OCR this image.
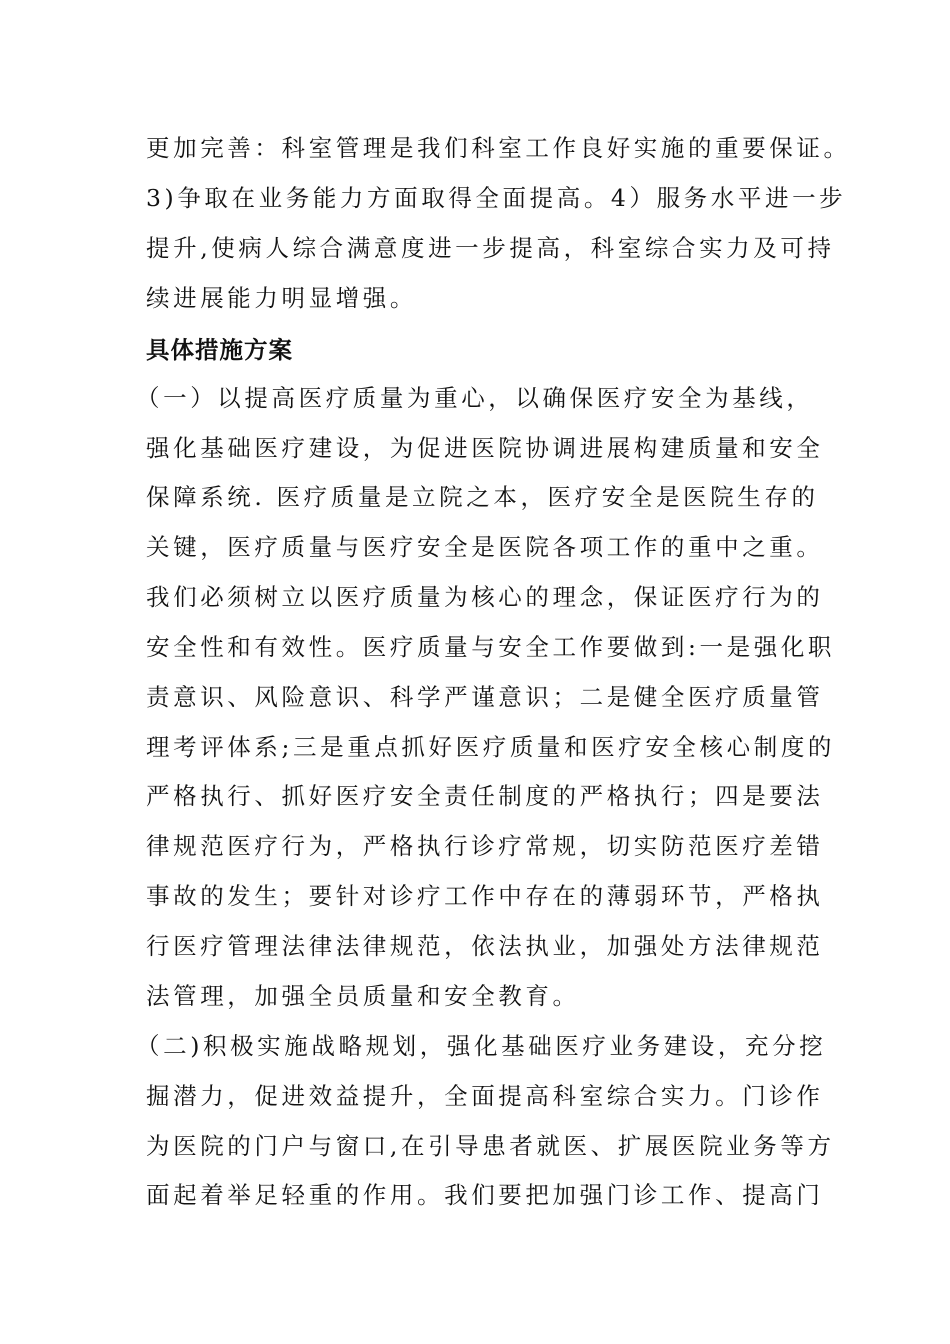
更加完善：科室管理是我们科室工作良好实施的重要保证。
3)争取在业务能力方面取得全面提高。4）服务水平进一步
提升,使病人综合满意度进一步提高，科室综合实力及可持
续进展能力明显增强。
具体措施方案
（一）以提高医疗质量为重心，以确保医疗安全为基线，
强化基础医疗建设，为促进医院协调进展构建质量和安全
保障系统. 医疗质量是立院之本，医疗安全是医院生存的
关键，医疗质量与医疗安全是医院各项工作的重中之重。
我们必须树立以医疗质量为核心的理念，保证医疗行为的
安全性和有效性。医疗质量与安全工作要做到:一是强化职
责意识、风险意识、科学严谨意识；二是健全医疗质量管
理考评体系;三是重点抓好医疗质量和医疗安全核心制度的
严格执行、抓好医疗安全责任制度的严格执行；四是要法
律规范医疗行为，严格执行诊疗常规，切实防范医疗差错
事故的发生；要针对诊疗工作中存在的薄弱环节，严格执
行医疗管理法律法律规范，依法执业，加强处方法律规范
法管理，加强全员质量和安全教育。
（二)积极实施战略规划，强化基础医疗业务建设，充分挖
掘潜力，促进效益提升，全面提高科室综合实力。门诊作
为医院的门户与窗口,在引导患者就医、扩展医院业务等方
面起着举足轻重的作用。我们要把加强门诊工作、提高门
